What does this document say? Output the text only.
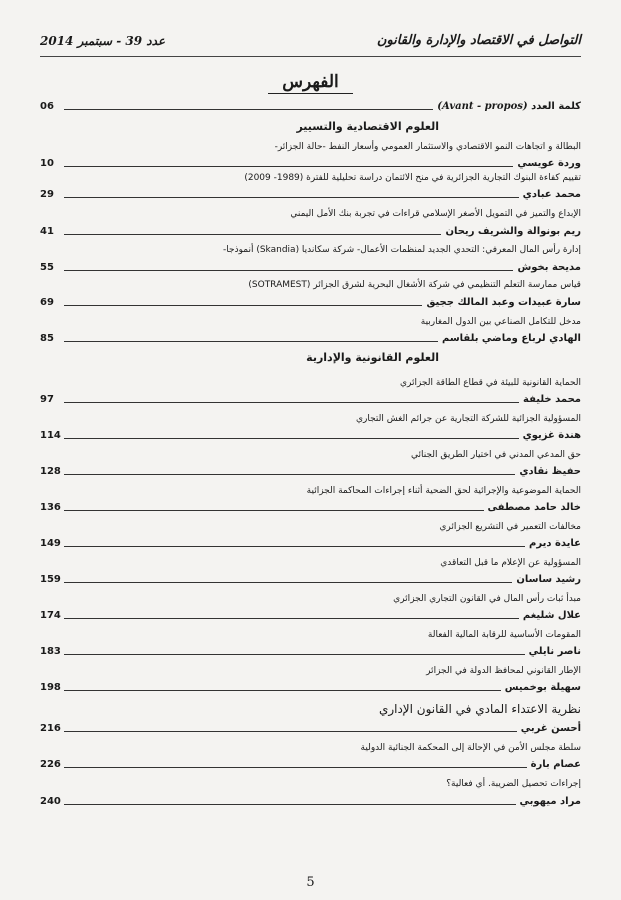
عدد 39 - سبتمبر 2014	التواصل في الاقتصاد والإدارة والقانون
الفهرس
كلمة العدد (Avant - propos)
06
العلوم الاقتصادية والتسيير
البطالة و اتجاهات النمو الاقتصادي والاستثمار العمومي وأسعار النفط -حالة الجزائر-
وردة عويسي
10
تقييم كفاءة البنوك التجارية الجزائرية في منح الائتمان دراسة تحليلية للفترة (1989- 2009)
محمد عبادي
29
الإبداع والتميز في التمويل الأصغر الإسلامي قراءات في تجربة بنك الأمل اليمني
ريم بونوالة والشريف ريحان
41
إدارة رأس المال المعرفي: التحدي الجديد لمنظمات الأعمال- شركة سكانديا (Skandia) أنموذجا-
مديحة بخوش
55
قياس ممارسة التعلم التنظيمي في شركة الأشغال البحرية لشرق الجزائر (SOTRAMEST)
سارة عبيدات وعبد المالك ججيق
69
مدخل للتكامل الصناعي بين الدول المغاربية
الهادي لرباع وماضي بلقاسم
85
العلوم القانونية والإدارية
الحماية القانونية للبيئة في قطاع الطاقة الجزائري
محمد خليفة
97
المسؤولية الجزائية للشركة التجارية عن جرائم الغش التجاري
هندة غزيوي
114
حق المدعي المدني في اختيار الطريق الجنائي
حفيظ نقادي
128
الحماية الموضوعية والإجرائية لحق الضحية أثناء إجراءات المحاكمة الجزائية
خالد حامد مصطفى
136
مخالفات التعمير في التشريع الجزائري
عايدة ديرم
149
المسؤولية عن الإعلام ما قبل التعاقدي
رشيد ساسان
159
مبدأ ثبات رأس المال في القانون التجاري الجزائري
علال شليغم
174
المقومات الأساسية للرقابة المالية الفعالة
ناصر نايلي
183
الإطار القانوني لمحافظ الدولة في الجزائر
سهيلة بوخميس
198
نظرية الاعتداء المادي في القانون الإداري
أحسن غربي
216
سلطة مجلس الأمن في الإحالة إلى المحكمة الجنائية الدولية
عصام بارة
226
إجراءات تحصيل الضريبة. أي فعالية؟
مراد ميهوبي
240
5
